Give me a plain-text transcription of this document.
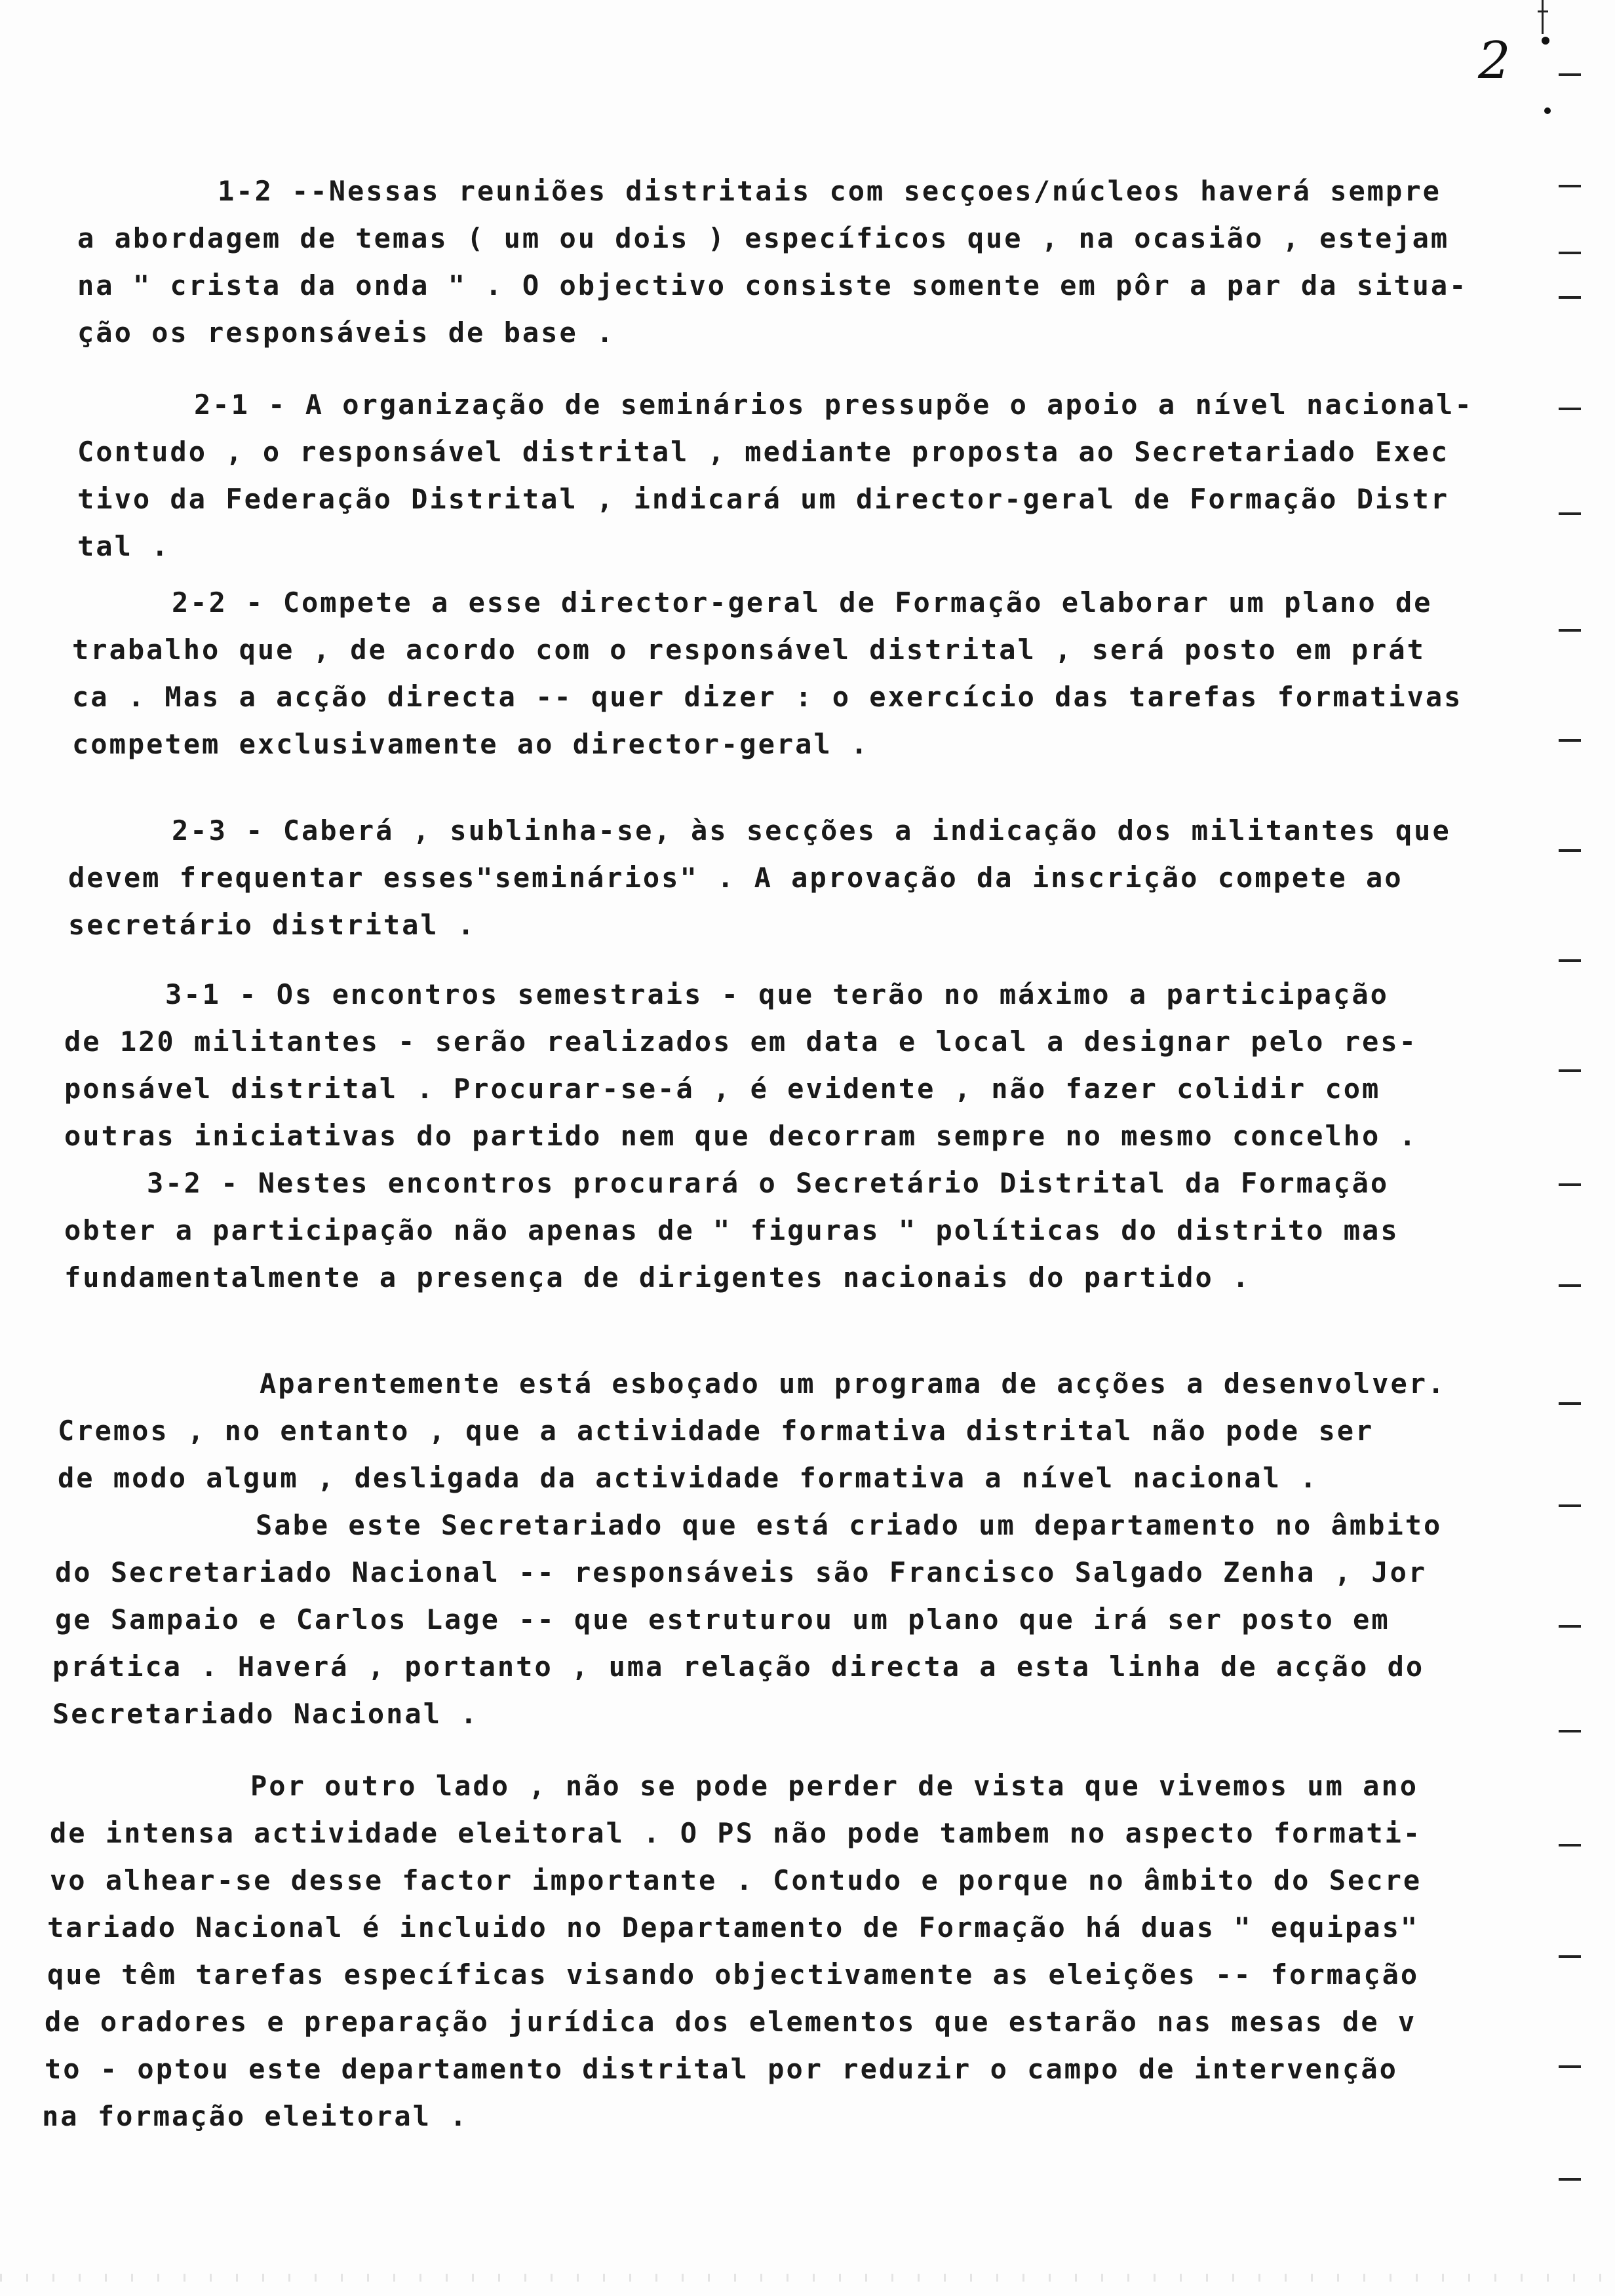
2
1-2 --Nessas reuniões distritais com secçoes/núcleos haverá sempre
a abordagem de temas ( um ou dois ) específicos que , na ocasião , estejam
na " crista da onda " . O objectivo consiste somente em pôr a par da situa-
ção os responsáveis de base .
2-1 - A organização de seminários pressupõe o apoio a nível nacional-
Contudo , o responsável distrital , mediante proposta ao Secretariado Exec
tivo da Federação Distrital , indicará um director-geral de Formação Distr
tal .
2-2 - Compete a esse director-geral de Formação elaborar um plano de
trabalho que , de acordo com o responsável distrital , será posto em prát
ca . Mas a acção directa -- quer dizer : o exercício das tarefas formativas
competem exclusivamente ao director-geral .
2-3 - Caberá , sublinha-se, às secções a indicação dos militantes que
devem frequentar esses"seminários" . A aprovação da inscrição compete ao
secretário distrital .
3-1 - Os encontros semestrais - que terão no máximo a participação
de 120 militantes - serão realizados em data e local a designar pelo res-
ponsável distrital . Procurar-se-á , é evidente , não fazer colidir com
outras iniciativas do partido nem que decorram sempre no mesmo concelho .
3-2 - Nestes encontros procurará o Secretário Distrital da Formação
obter a participação não apenas de " figuras " políticas do distrito mas
fundamentalmente a presença de dirigentes nacionais do partido .
Aparentemente está esboçado um programa de acções a desenvolver.
Cremos , no entanto , que a actividade formativa distrital não pode ser
de modo algum , desligada da actividade formativa a nível nacional .
Sabe este Secretariado que está criado um departamento no âmbito
do Secretariado Nacional -- responsáveis são Francisco Salgado Zenha , Jor
ge Sampaio e Carlos Lage -- que estruturou um plano que irá ser posto em
prática . Haverá , portanto , uma relação directa a esta linha de acção do
Secretariado Nacional .
Por outro lado , não se pode perder de vista que vivemos um ano
de intensa actividade eleitoral . O PS não pode tambem no aspecto formati-
vo alhear-se desse factor importante . Contudo e porque no âmbito do Secre
tariado Nacional é incluido no Departamento de Formação há duas " equipas"
que têm tarefas específicas visando objectivamente as eleições -- formação
de oradores e preparação jurídica dos elementos que estarão nas mesas de v
to - optou este departamento distrital por reduzir o campo de intervenção
na formação eleitoral .
